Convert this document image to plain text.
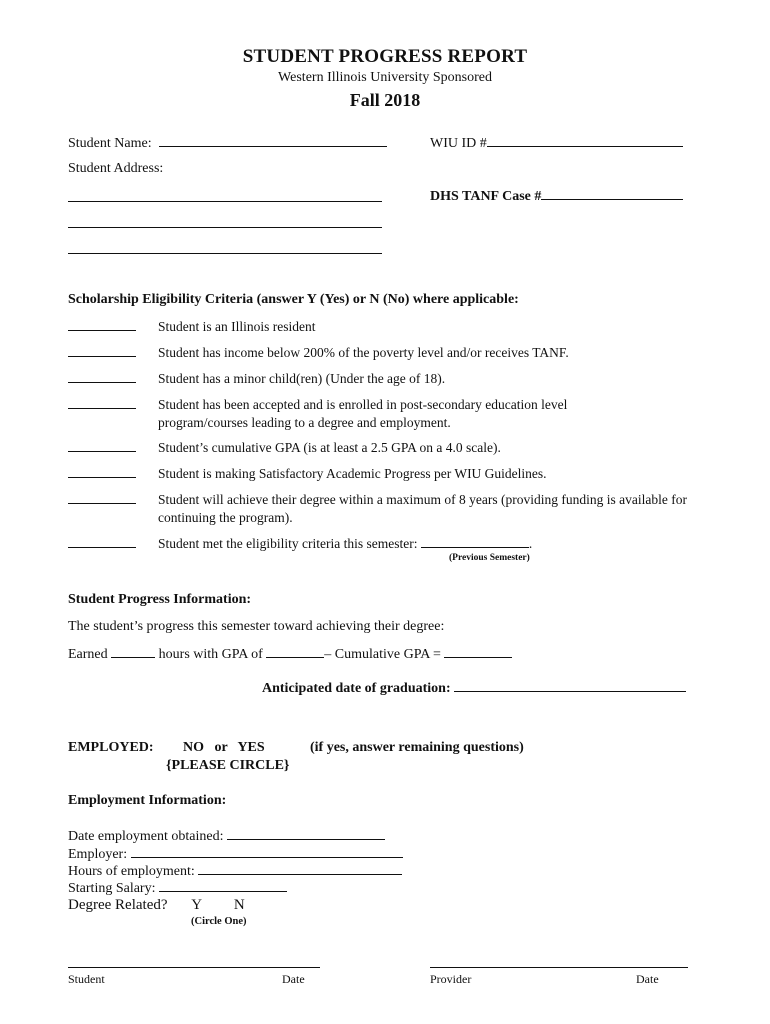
STUDENT PROGRESS REPORT
Western Illinois University Sponsored
Fall 2018
Student Name:	WIU ID #
Student Address:
DHS TANF Case #
Scholarship Eligibility Criteria (answer Y (Yes) or N (No) where applicable:
Student is an Illinois resident
Student has income below 200% of the poverty level and/or receives TANF.
Student has a minor child(ren) (Under the age of 18).
Student has been accepted and is enrolled in post-secondary education level program/courses leading to a degree and employment.
Student’s cumulative GPA (is at least a 2.5 GPA on a 4.0 scale).
Student is making Satisfactory Academic Progress per WIU Guidelines.
Student will achieve their degree within a maximum of 8 years (providing funding is available for continuing the program).
Student met the eligibility criteria this semester:	.
(Previous Semester)
Student Progress Information:
The student’s progress this semester toward achieving their degree:
Earned	hours with GPA of	– Cumulative GPA =
Anticipated date of graduation:
EMPLOYED: NO   or   YES	(if yes, answer remaining questions)
{PLEASE CIRCLE}
Employment Information:
Date employment obtained:
Employer:
Hours of employment:
Starting Salary:
Degree Related? Y N
(Circle One)
Student	Date	Provider	Date
